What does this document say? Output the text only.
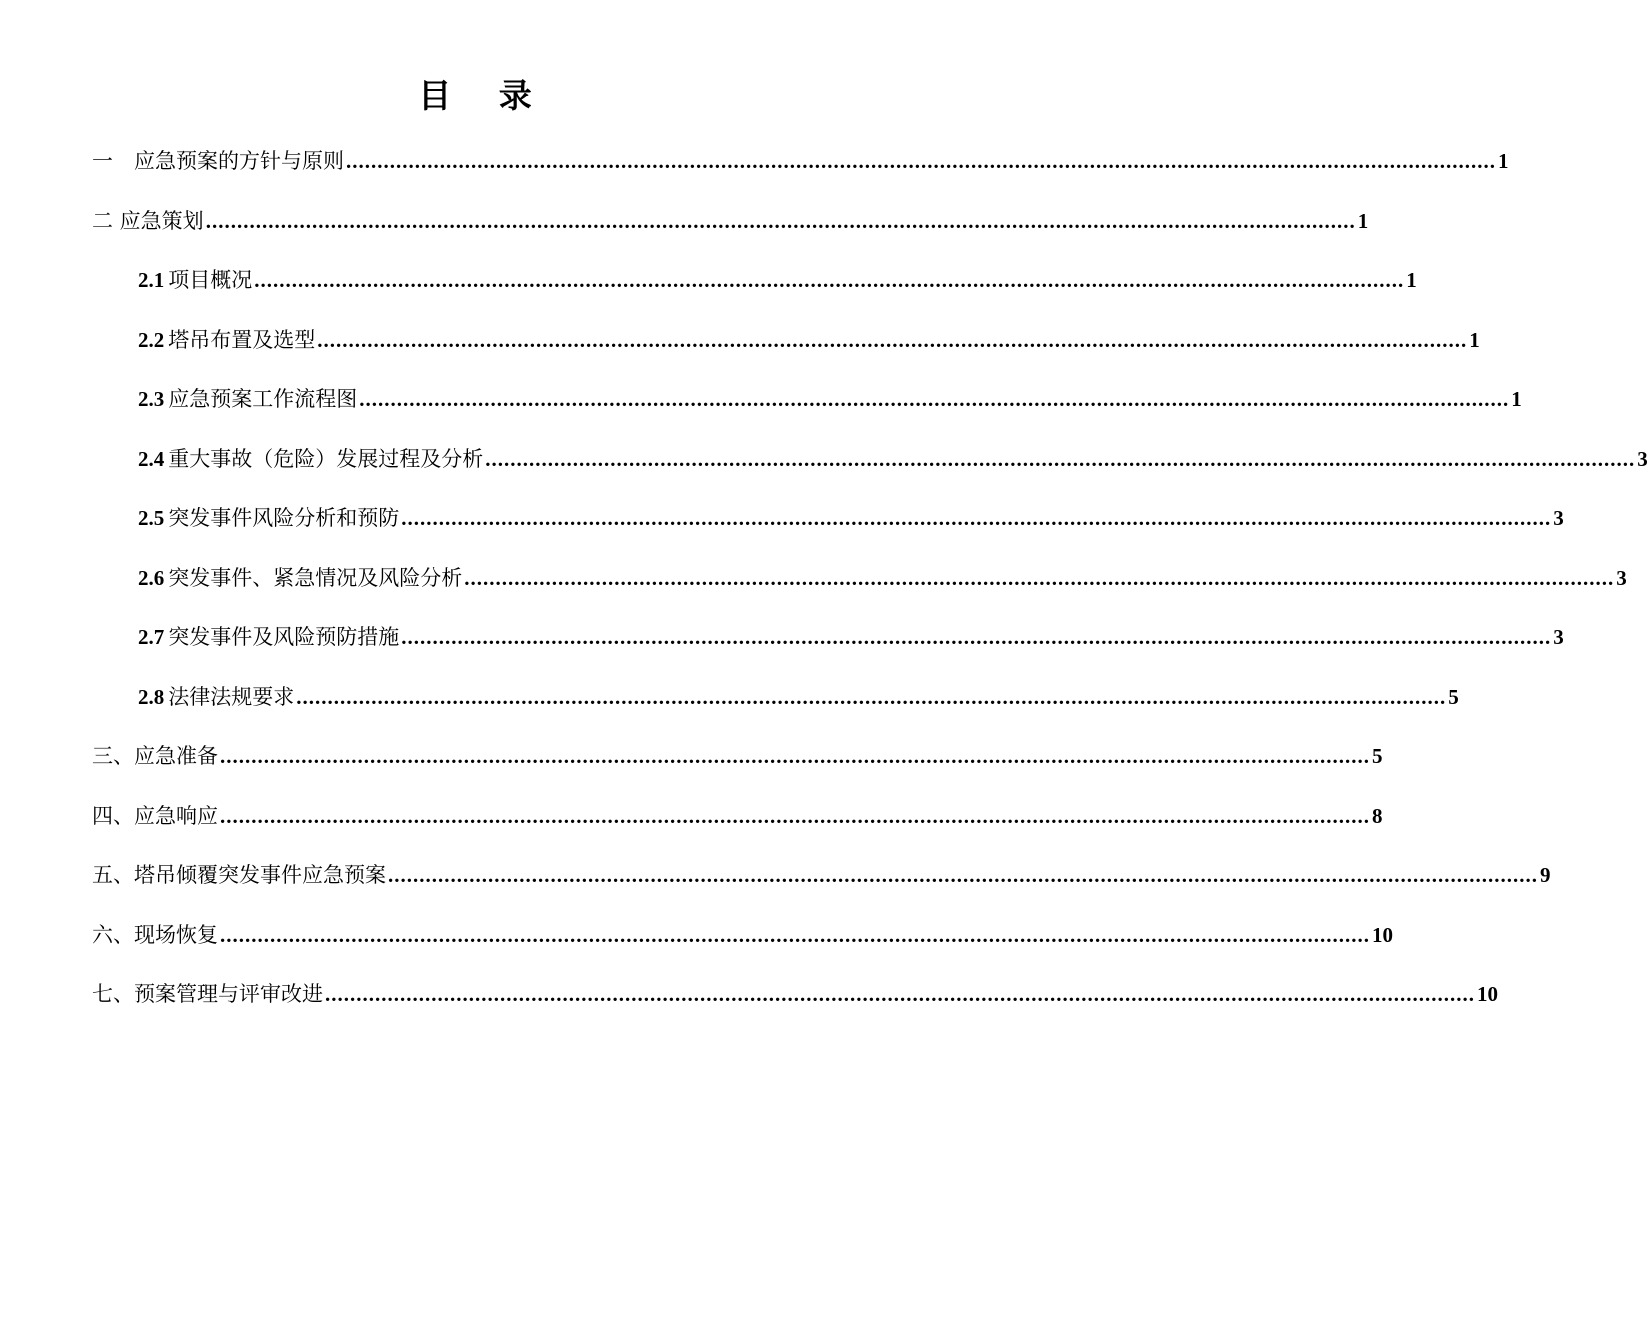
目 录
一　应急预案的方针与原则 ........................................................................................................................................................................................ 1
二 应急策划 ........................................................................................................................................................................................ 1
2.1 项目概况 ........................................................................................................................................................................................ 1
2.2 塔吊布置及选型 ........................................................................................................................................................................................ 1
2.3 应急预案工作流程图 ........................................................................................................................................................................................ 1
2.4 重大事故（危险）发展过程及分析 ........................................................................................................................................................................................ 3
2.5 突发事件风险分析和预防 ........................................................................................................................................................................................ 3
2.6 突发事件、紧急情况及风险分析 ........................................................................................................................................................................................ 3
2.7 突发事件及风险预防措施 ........................................................................................................................................................................................ 3
2.8 法律法规要求 ........................................................................................................................................................................................ 5
三、应急准备 ........................................................................................................................................................................................ 5
四、应急响应 ........................................................................................................................................................................................ 8
五、塔吊倾覆突发事件应急预案 ........................................................................................................................................................................................ 9
六、现场恢复 ........................................................................................................................................................................................ 10
七、预案管理与评审改进 ........................................................................................................................................................................................ 10
